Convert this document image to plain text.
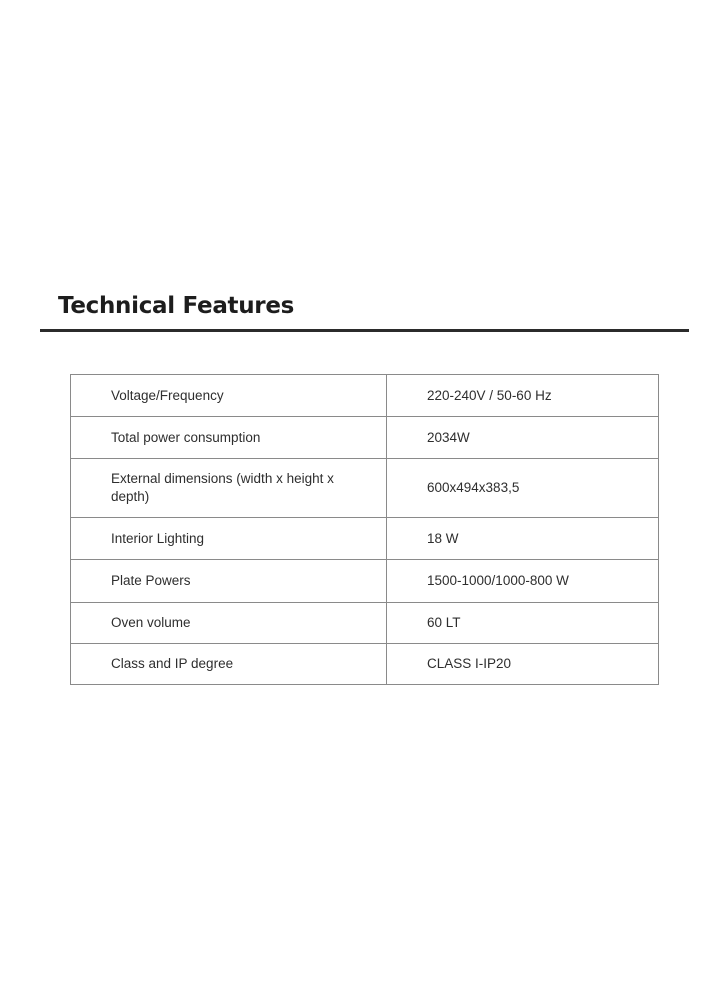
Technical Features
Voltage/Frequency	220-240V / 50-60 Hz
Total power consumption	2034W
External dimensions (width x height x depth)	600x494x383,5
Interior Lighting	18 W
Plate Powers	1500-1000/1000-800 W
Oven volume	60 LT
Class and IP degree	CLASS I-IP20
